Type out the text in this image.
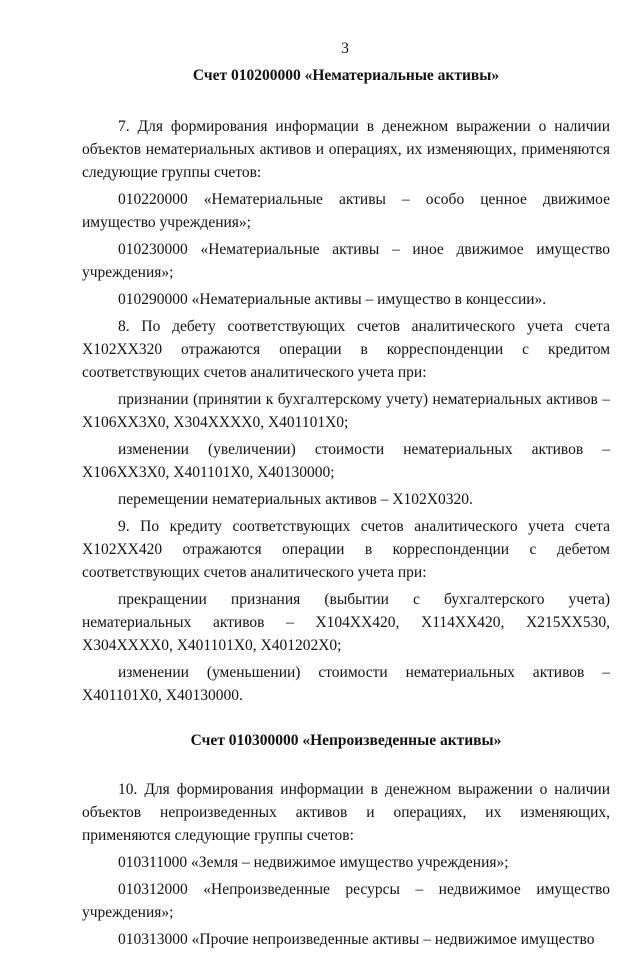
3
Счет 010200000 «Нематериальные активы»

7. Для формирования информации в денежном выражении о наличии объектов нематериальных активов и операциях, их изменяющих, применяются следующие группы счетов:

010220000 «Нематериальные активы – особо ценное движимое имущество учреждения»;

010230000 «Нематериальные активы – иное движимое имущество учреждения»;

010290000 «Нематериальные активы – имущество в концессии».

8. По дебету соответствующих счетов аналитического учета счета Х102ХХ320 отражаются операции в корреспонденции с кредитом соответствующих счетов аналитического учета при:

признании (принятии к бухгалтерскому учету) нематериальных активов – Х106ХХ3Х0, Х304ХХХХ0, Х401101Х0;

изменении (увеличении) стоимости нематериальных активов – Х106ХХ3Х0, Х401101Х0, Х40130000;

перемещении нематериальных активов – Х102Х0320.

9. По кредиту соответствующих счетов аналитического учета счета Х102ХХ420 отражаются операции в корреспонденции с дебетом соответствующих счетов аналитического учета при:

прекращении признания (выбытии с бухгалтерского учета) нематериальных активов – Х104ХХ420, Х114ХХ420, Х215ХХ530, Х304ХХХХ0, Х401101Х0, Х401202Х0;

изменении (уменьшении) стоимости нематериальных активов – Х401101Х0, Х40130000.

Счет 010300000 «Непроизведенные активы»

10. Для формирования информации в денежном выражении о наличии объектов непроизведенных активов и операциях, их изменяющих, применяются следующие группы счетов:

010311000 «Земля – недвижимое имущество учреждения»;

010312000 «Непроизведенные ресурсы – недвижимое имущество учреждения»;

010313000 «Прочие непроизведенные активы – недвижимое имущество
